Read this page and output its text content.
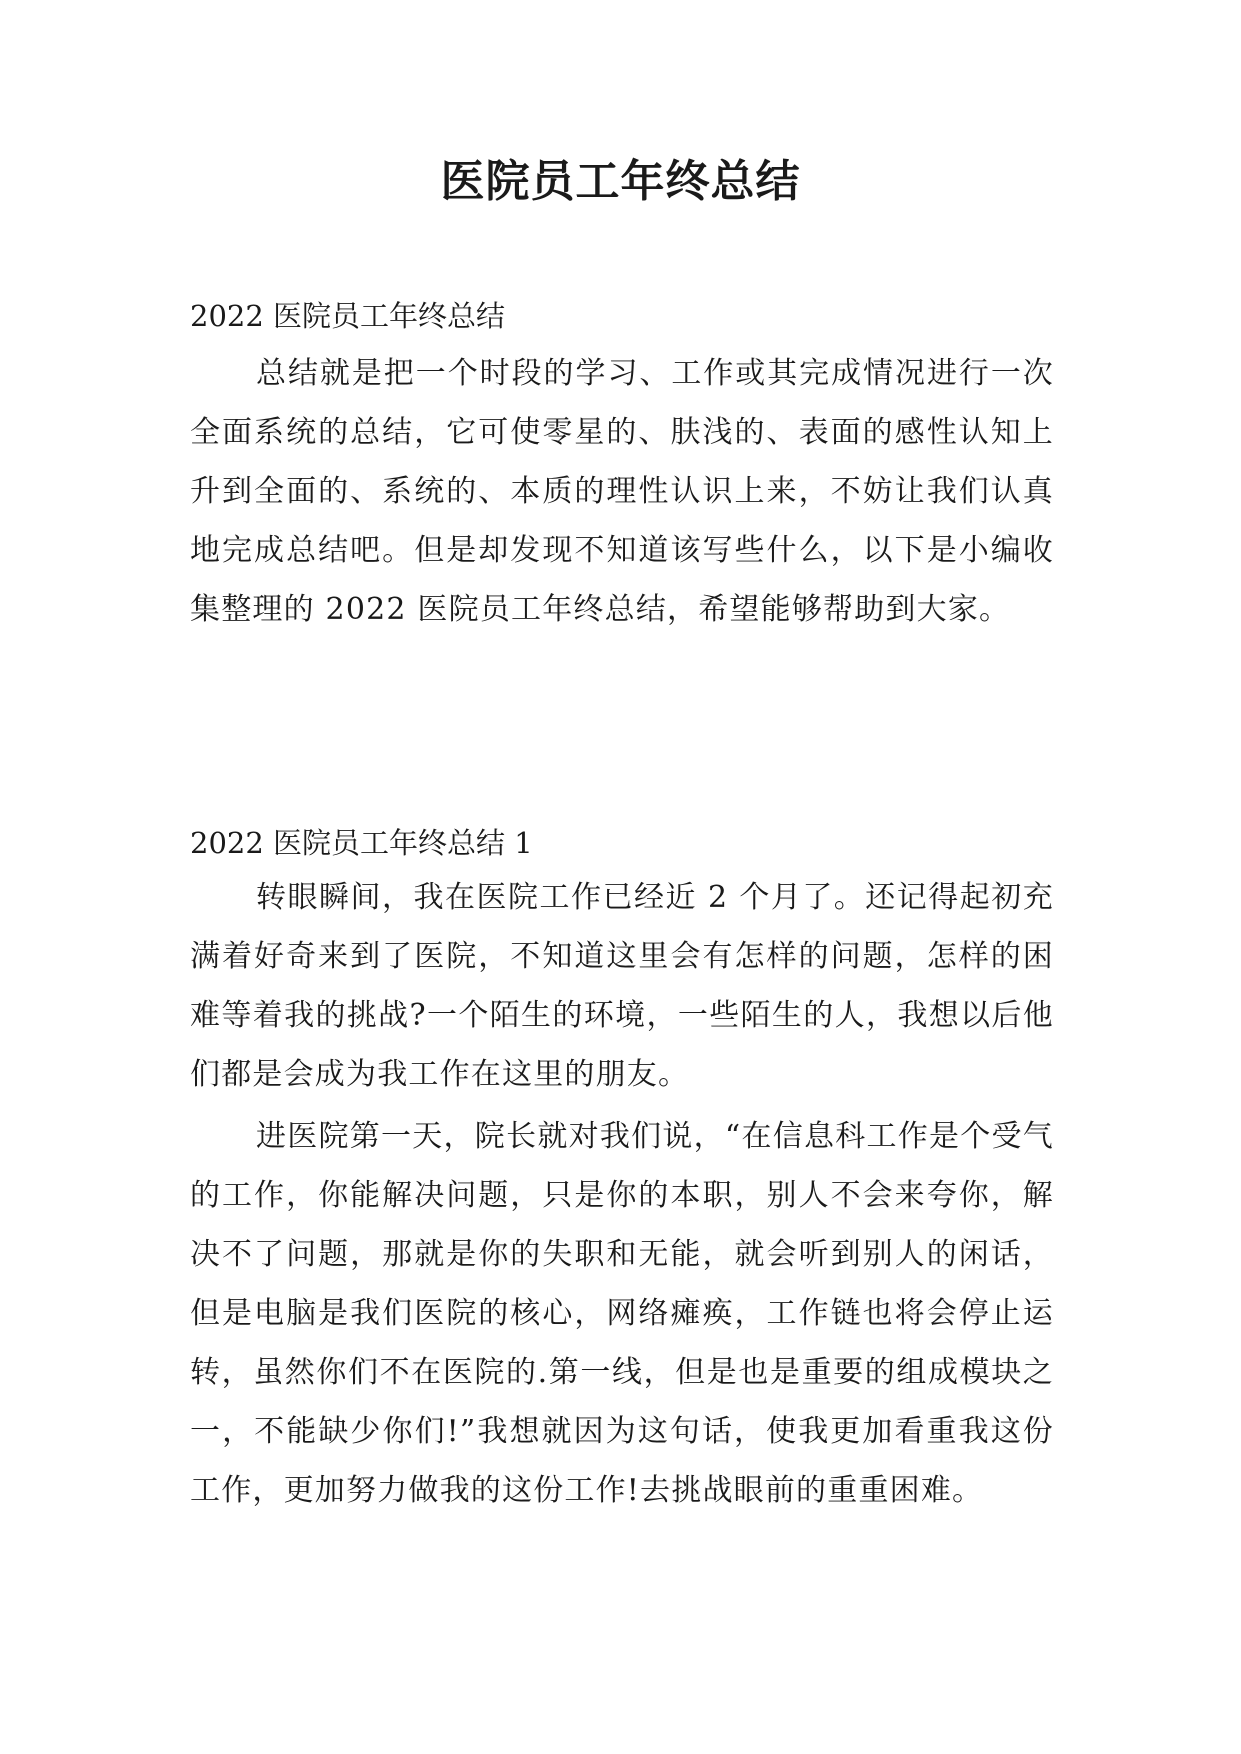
医院员工年终总结
2022 医院员工年终总结

总结就是把一个时段的学习、工作或其完成情况进行一次全面系统的总结，它可使零星的、肤浅的、表面的感性认知上升到全面的、系统的、本质的理性认识上来，不妨让我们认真地完成总结吧。但是却发现不知道该写些什么，以下是小编收集整理的 2022 医院员工年终总结，希望能够帮助到大家。

2022 医院员工年终总结 1

转眼瞬间，我在医院工作已经近 2 个月了。还记得起初充满着好奇来到了医院，不知道这里会有怎样的问题，怎样的困难等着我的挑战?一个陌生的环境，一些陌生的人，我想以后他们都是会成为我工作在这里的朋友。

进医院第一天，院长就对我们说，“在信息科工作是个受气的工作，你能解决问题，只是你的本职，别人不会来夸你，解决不了问题，那就是你的失职和无能，就会听到别人的闲话，但是电脑是我们医院的核心，网络瘫痪，工作链也将会停止运转，虽然你们不在医院的.第一线，但是也是重要的组成模块之一，不能缺少你们!”我想就因为这句话，使我更加看重我这份工作，更加努力做我的这份工作!去挑战眼前的重重困难。
